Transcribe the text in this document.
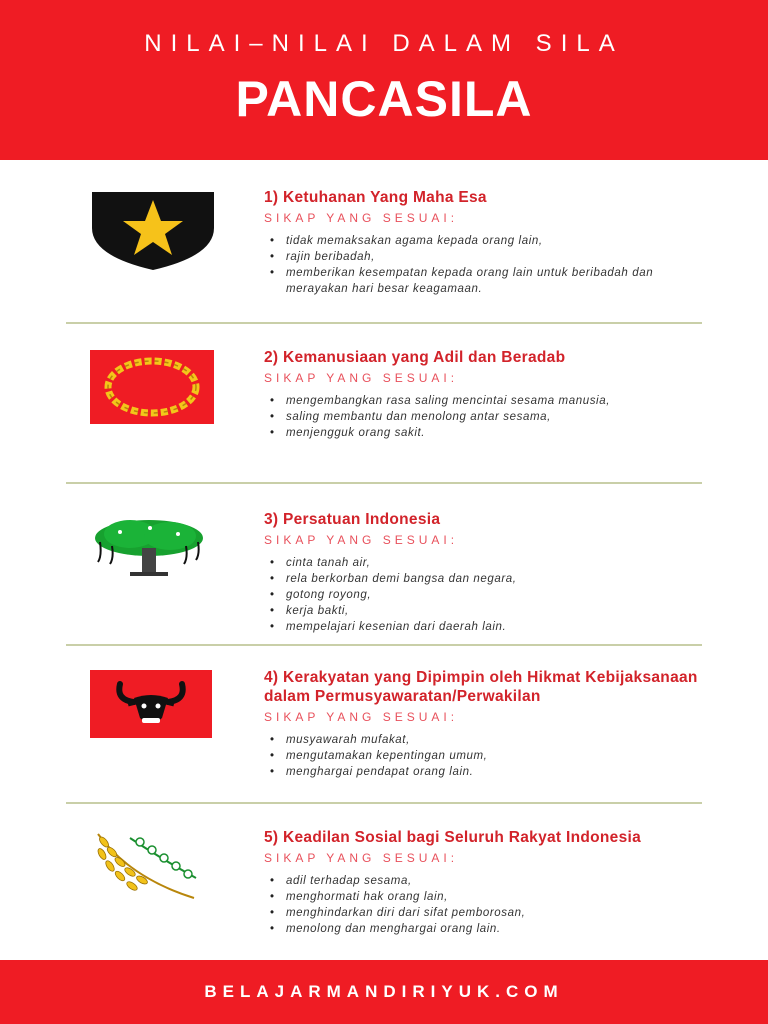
NILAI–NILAI DALAM SILA
PANCASILA
1) Ketuhanan Yang Maha Esa
SIKAP YANG SESUAI:
• tidak memaksakan agama kepada orang lain,
• rajin beribadah,
• memberikan kesempatan kepada orang lain untuk beribadah dan merayakan hari besar keagamaan.
2) Kemanusiaan yang Adil dan Beradab
SIKAP YANG SESUAI:
• mengembangkan rasa saling mencintai sesama manusia,
• saling membantu dan menolong antar sesama,
• menjengguk orang sakit.
3) Persatuan Indonesia
SIKAP YANG SESUAI:
• cinta tanah air,
• rela berkorban demi bangsa dan negara,
• gotong royong,
• kerja bakti,
• mempelajari kesenian dari daerah lain.
4) Kerakyatan yang Dipimpin oleh Hikmat Kebijaksanaan dalam Permusyawaratan/Perwakilan
SIKAP YANG SESUAI:
• musyawarah mufakat,
• mengutamakan kepentingan umum,
• menghargai pendapat orang lain.
5) Keadilan Sosial bagi Seluruh Rakyat Indonesia
SIKAP YANG SESUAI:
• adil terhadap sesama,
• menghormati hak orang lain,
• menghindarkan diri dari sifat pemborosan,
• menolong dan menghargai orang lain.
BELAJARMANDIRIYUK.COM
